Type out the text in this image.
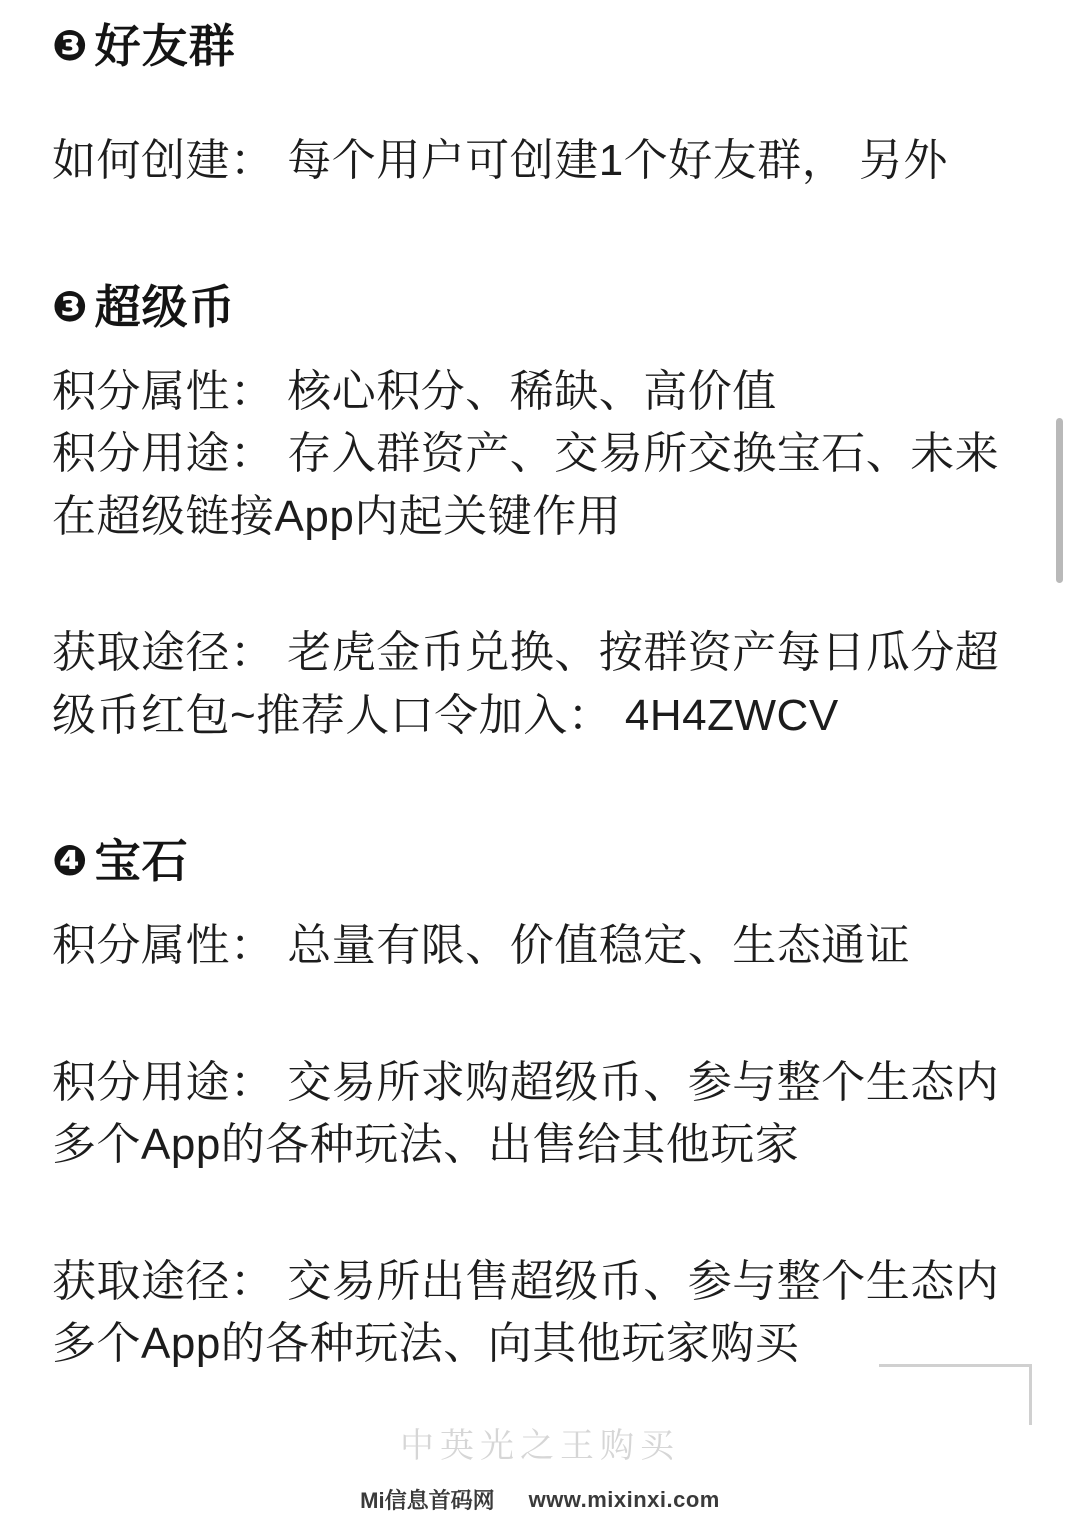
❸ 好友群
如何创建： 每个用户可创建1个好友群， 另外
❸ 超级币
积分属性： 核心积分、稀缺、高价值
积分用途： 存入群资产、交易所交换宝石、未来在超级链接App内起关键作用
获取途径： 老虎金币兑换、按群资产每日瓜分超级币红包~推荐人口令加入： 4H4ZWCV
❹ 宝石
积分属性： 总量有限、价值稳定、生态通证
积分用途： 交易所求购超级币、参与整个生态内多个App的各种玩法、出售给其他玩家
获取途径： 交易所出售超级币、参与整个生态内多个App的各种玩法、向其他玩家购买
中英光之王购买
Mi信息首码网 www.mixinxi.com
